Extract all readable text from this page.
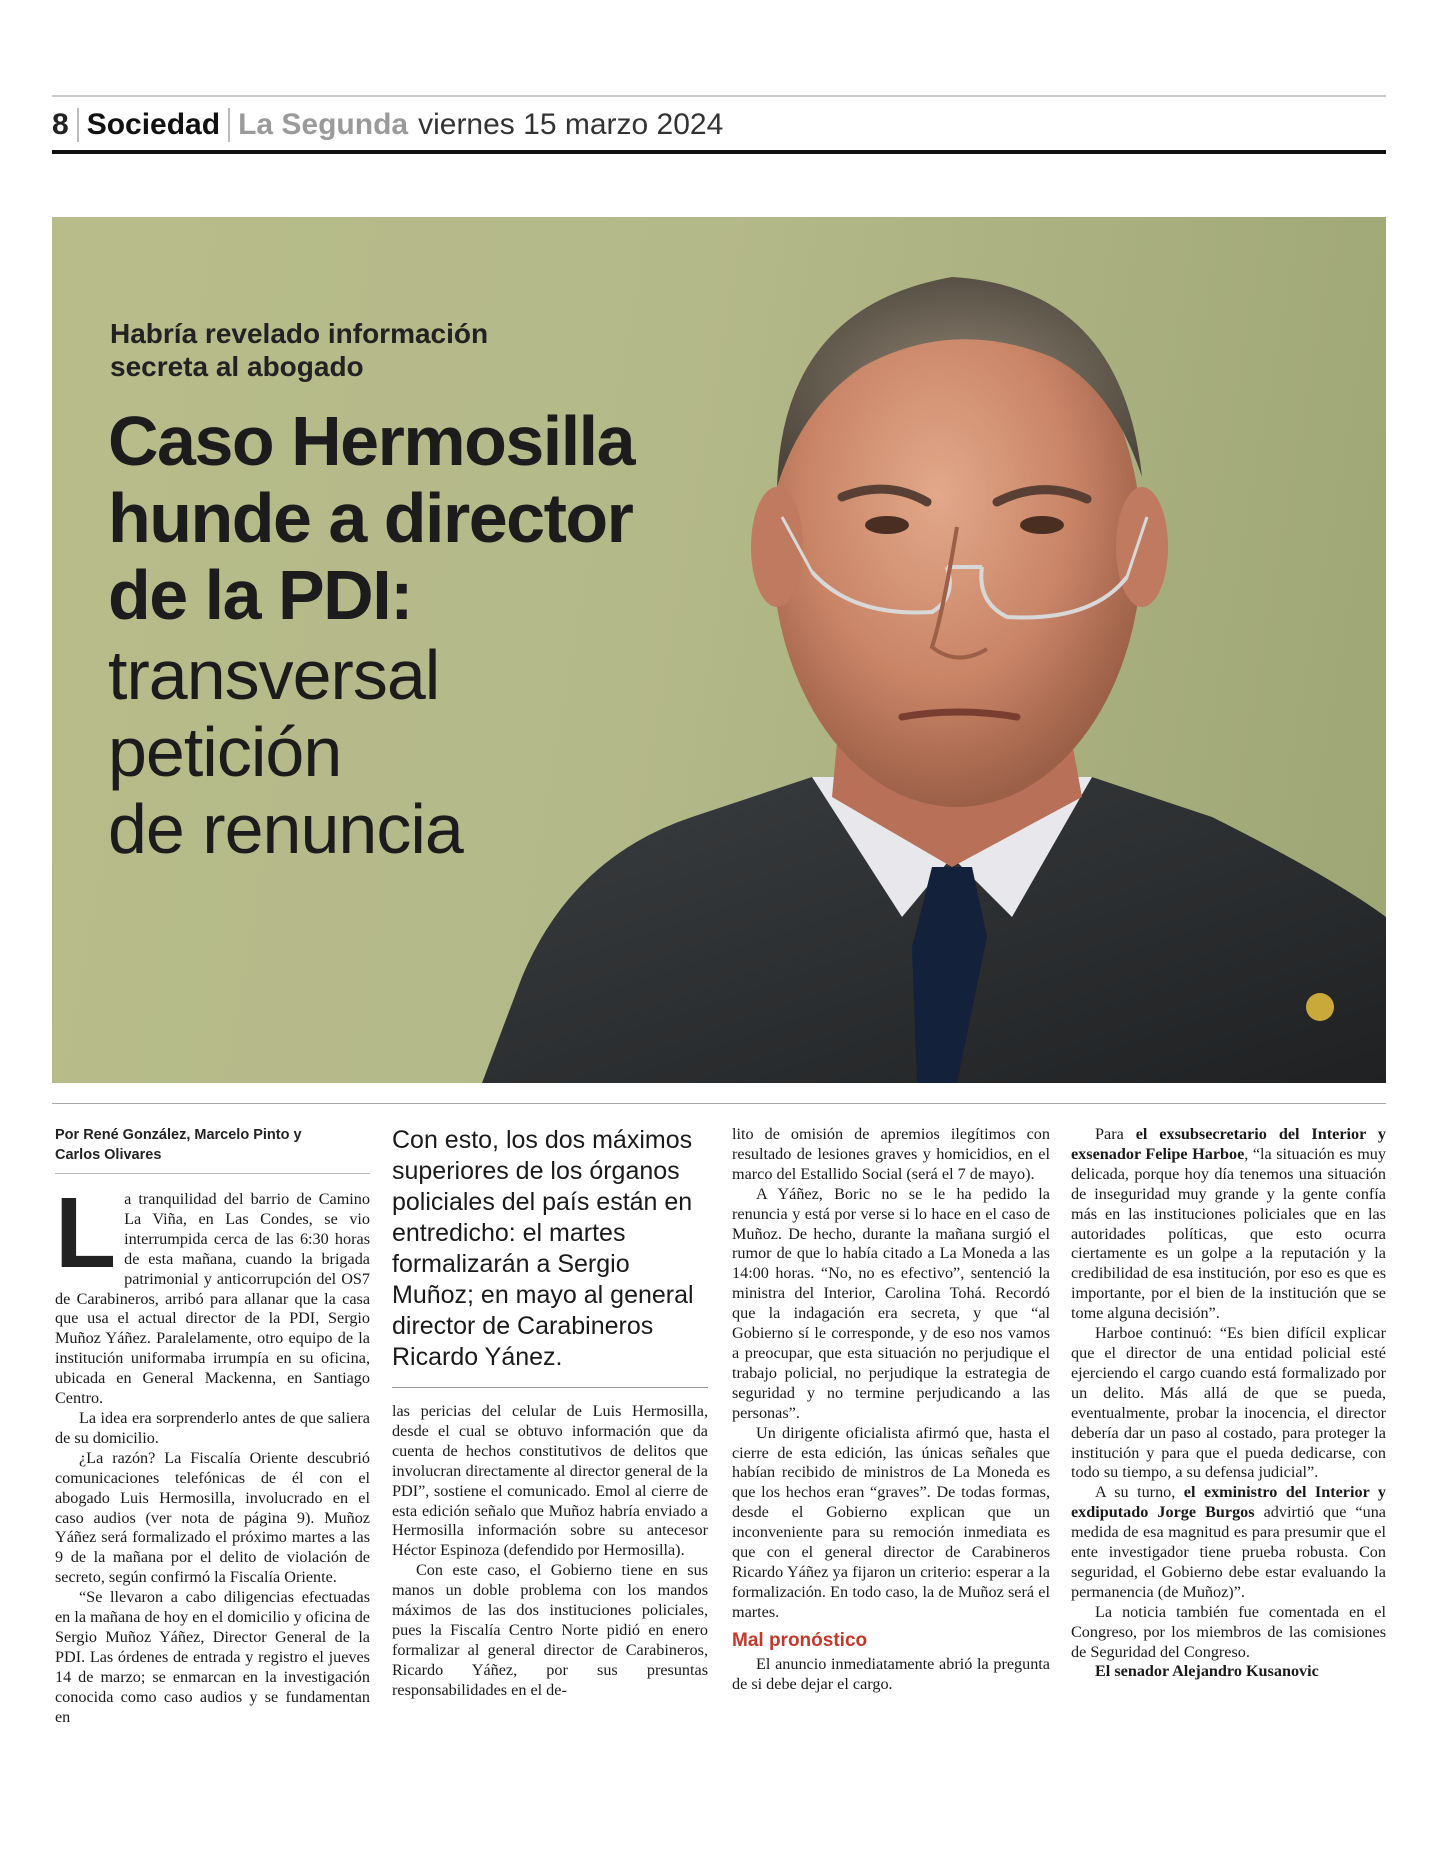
8 Sociedad La Segunda viernes 15 marzo 2024
Habría revelado información
secreta al abogado
Caso Hermosilla
hunde a director
de la PDI:
transversal
petición
de renuncia
Por René González, Marcelo Pinto y
Carlos Olivares

La tranquilidad del barrio de Camino La Viña, en Las Condes, se vio interrumpida cerca de las 6:30 horas de esta mañana, cuando la brigada patrimonial y anticorrupción del OS7 de Carabineros, arribó para allanar que la casa que usa el actual director de la PDI, Sergio Muñoz Yáñez. Paralelamente, otro equipo de la institución uniformaba irrumpía en su oficina, ubicada en General Mackenna, en Santiago Centro.

La idea era sorprenderlo antes de que saliera de su domicilio.

¿La razón? La Fiscalía Oriente descubrió comunicaciones telefónicas de él con el abogado Luis Hermosilla, involucrado en el caso audios (ver nota de página 9). Muñoz Yáñez será formalizado el próximo martes a las 9 de la mañana por el delito de violación de secreto, según confirmó la Fiscalía Oriente.

“Se llevaron a cabo diligencias efectuadas en la mañana de hoy en el domicilio y oficina de Sergio Muñoz Yáñez, Director General de la PDI. Las órdenes de entrada y registro el jueves 14 de marzo; se enmarcan en la investigación conocida como caso audios y se fundamentan en

Con esto, los dos máximos superiores de los órganos policiales del país están en entredicho: el martes formalizarán a Sergio Muñoz; en mayo al general director de Carabineros Ricardo Yánez.

las pericias del celular de Luis Hermosilla, desde el cual se obtuvo información que da cuenta de hechos constitutivos de delitos que involucran directamente al director general de la PDI”, sostiene el comunicado. Emol al cierre de esta edición señalo que Muñoz habría enviado a Hermosilla información sobre su antecesor Héctor Espinoza (defendido por Hermosilla).

Con este caso, el Gobierno tiene en sus manos un doble problema con los mandos máximos de las dos instituciones policiales, pues la Fiscalía Centro Norte pidió en enero formalizar al general director de Carabineros, Ricardo Yáñez, por sus presuntas responsabilidades en el de-

lito de omisión de apremios ilegítimos con resultado de lesiones graves y homicidios, en el marco del Estallido Social (será el 7 de mayo).

A Yáñez, Boric no se le ha pedido la renuncia y está por verse si lo hace en el caso de Muñoz. De hecho, durante la mañana surgió el rumor de que lo había citado a La Moneda a las 14:00 horas. “No, no es efectivo”, sentenció la ministra del Interior, Carolina Tohá. Recordó que la indagación era secreta, y que “al Gobierno sí le corresponde, y de eso nos vamos a preocupar, que esta situación no perjudique el trabajo policial, no perjudique la estrategia de seguridad y no termine perjudicando a las personas”.

Un dirigente oficialista afirmó que, hasta el cierre de esta edición, las únicas señales que habían recibido de ministros de La Moneda es que los hechos eran “graves”. De todas formas, desde el Gobierno explican que un inconveniente para su remoción inmediata es que con el general director de Carabineros Ricardo Yáñez ya fijaron un criterio: esperar a la formalización. En todo caso, la de Muñoz será el martes.

Mal pronóstico

El anuncio inmediatamente abrió la pregunta de si debe dejar el cargo.

Para el exsubsecretario del Interior y exsenador Felipe Harboe, “la situación es muy delicada, porque hoy día tenemos una situación de inseguridad muy grande y la gente confía más en las instituciones policiales que en las autoridades políticas, que esto ocurra ciertamente es un golpe a la reputación y la credibilidad de esa institución, por eso es que es importante, por el bien de la institución que se tome alguna decisión”.

Harboe continuó: “Es bien difícil explicar que el director de una entidad policial esté ejerciendo el cargo cuando está formalizado por un delito. Más allá de que se pueda, eventualmente, probar la inocencia, el director debería dar un paso al costado, para proteger la institución y para que el pueda dedicarse, con todo su tiempo, a su defensa judicial”.

A su turno, el exministro del Interior y exdiputado Jorge Burgos advirtió que “una medida de esa magnitud es para presumir que el ente investigador tiene prueba robusta. Con seguridad, el Gobierno debe estar evaluando la permanencia (de Muñoz)”.

La noticia también fue comentada en el Congreso, por los miembros de las comisiones de Seguridad del Congreso.

El senador Alejandro Kusanovic
